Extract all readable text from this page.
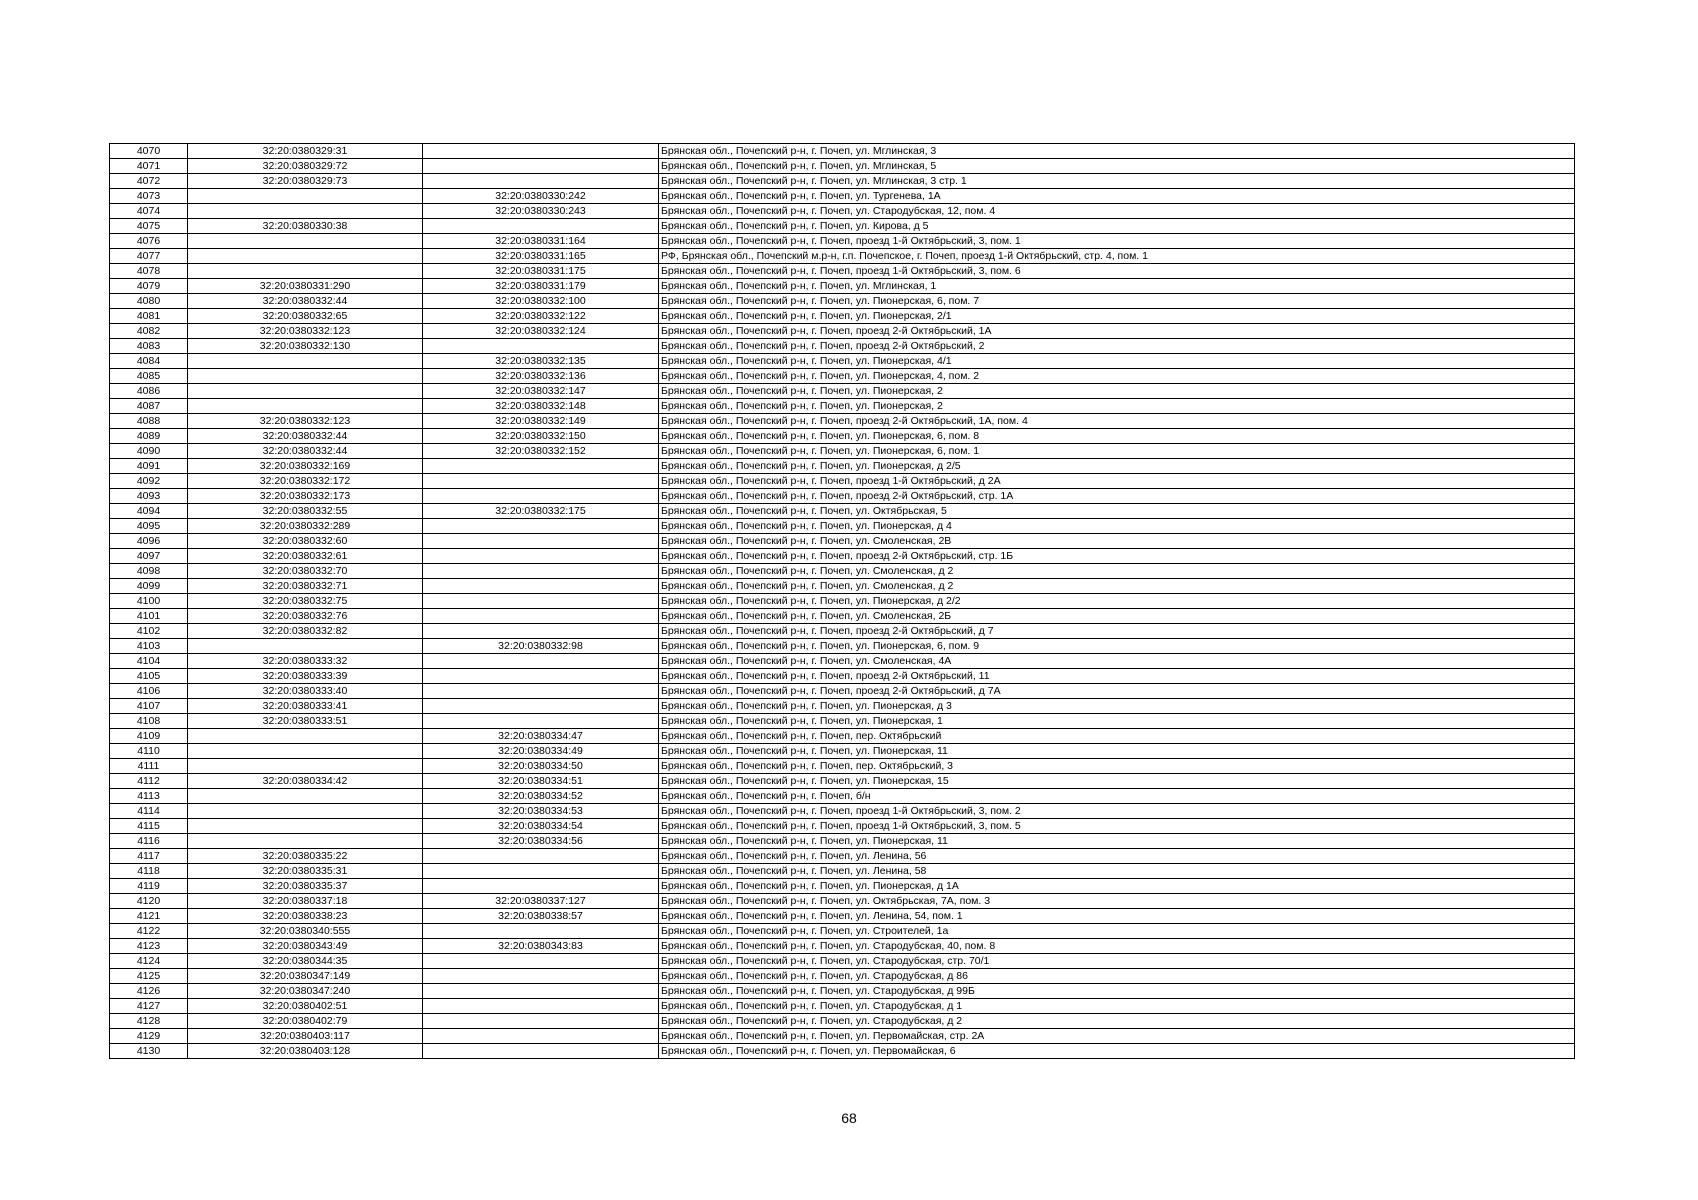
4070	32:20:0380329:31		Брянская обл., Почепский р-н, г. Почеп, ул. Мглинская, 3
4071	32:20:0380329:72		Брянская обл., Почепский р-н, г. Почеп, ул. Мглинская, 5
4072	32:20:0380329:73		Брянская обл., Почепский р-н, г. Почеп, ул. Мглинская, 3 стр. 1
4073		32:20:0380330:242	Брянская обл., Почепский р-н, г. Почеп, ул. Тургенева, 1А
4074		32:20:0380330:243	Брянская обл., Почепский р-н, г. Почеп, ул. Стародубская, 12, пом. 4
4075	32:20:0380330:38		Брянская обл., Почепский р-н, г. Почеп, ул. Кирова, д 5
4076		32:20:0380331:164	Брянская обл., Почепский р-н, г. Почеп, проезд 1-й Октябрьский, 3, пом. 1
4077		32:20:0380331:165	РФ, Брянская обл., Почепский м.р-н, г.п. Почепское, г. Почеп, проезд 1-й Октябрьский, стр. 4, пом. 1
4078		32:20:0380331:175	Брянская обл., Почепский р-н, г. Почеп, проезд 1-й Октябрьский, 3, пом. 6
4079	32:20:0380331:290	32:20:0380331:179	Брянская обл., Почепский р-н, г. Почеп, ул. Мглинская, 1
4080	32:20:0380332:44	32:20:0380332:100	Брянская обл., Почепский р-н, г. Почеп, ул. Пионерская, 6, пом. 7
4081	32:20:0380332:65	32:20:0380332:122	Брянская обл., Почепский р-н, г. Почеп, ул. Пионерская, 2/1
4082	32:20:0380332:123	32:20:0380332:124	Брянская обл., Почепский р-н, г. Почеп, проезд 2-й Октябрьский, 1А
4083	32:20:0380332:130		Брянская обл., Почепский р-н, г. Почеп, проезд 2-й Октябрьский, 2
4084		32:20:0380332:135	Брянская обл., Почепский р-н, г. Почеп, ул. Пионерская, 4/1
4085		32:20:0380332:136	Брянская обл., Почепский р-н, г. Почеп, ул. Пионерская, 4, пом. 2
4086		32:20:0380332:147	Брянская обл., Почепский р-н, г. Почеп, ул. Пионерская, 2
4087		32:20:0380332:148	Брянская обл., Почепский р-н, г. Почеп, ул. Пионерская, 2
4088	32:20:0380332:123	32:20:0380332:149	Брянская обл., Почепский р-н, г. Почеп, проезд 2-й Октябрьский, 1А, пом. 4
4089	32:20:0380332:44	32:20:0380332:150	Брянская обл., Почепский р-н, г. Почеп, ул. Пионерская, 6, пом. 8
4090	32:20:0380332:44	32:20:0380332:152	Брянская обл., Почепский р-н, г. Почеп, ул. Пионерская, 6, пом. 1
4091	32:20:0380332:169		Брянская обл., Почепский р-н, г. Почеп, ул. Пионерская, д 2/5
4092	32:20:0380332:172		Брянская обл., Почепский р-н, г. Почеп, проезд 1-й Октябрьский, д 2А
4093	32:20:0380332:173		Брянская обл., Почепский р-н, г. Почеп, проезд 2-й Октябрьский, стр. 1А
4094	32:20:0380332:55	32:20:0380332:175	Брянская обл., Почепский р-н, г. Почеп, ул. Октябрьская, 5
4095	32:20:0380332:289		Брянская обл., Почепский р-н, г. Почеп, ул. Пионерская, д 4
4096	32:20:0380332:60		Брянская обл., Почепский р-н, г. Почеп, ул. Смоленская, 2В
4097	32:20:0380332:61		Брянская обл., Почепский р-н, г. Почеп, проезд 2-й Октябрьский, стр. 1Б
4098	32:20:0380332:70		Брянская обл., Почепский р-н, г. Почеп, ул. Смоленская, д 2
4099	32:20:0380332:71		Брянская обл., Почепский р-н, г. Почеп, ул. Смоленская, д 2
4100	32:20:0380332:75		Брянская обл., Почепский р-н, г. Почеп, ул. Пионерская, д 2/2
4101	32:20:0380332:76		Брянская обл., Почепский р-н, г. Почеп, ул. Смоленская, 2Б
4102	32:20:0380332:82		Брянская обл., Почепский р-н, г. Почеп, проезд 2-й Октябрьский, д 7
4103		32:20:0380332:98	Брянская обл., Почепский р-н, г. Почеп, ул. Пионерская, 6, пом. 9
4104	32:20:0380333:32		Брянская обл., Почепский р-н, г. Почеп, ул. Смоленская, 4А
4105	32:20:0380333:39		Брянская обл., Почепский р-н, г. Почеп, проезд 2-й Октябрьский, 11
4106	32:20:0380333:40		Брянская обл., Почепский р-н, г. Почеп, проезд 2-й Октябрьский, д 7А
4107	32:20:0380333:41		Брянская обл., Почепский р-н, г. Почеп, ул. Пионерская, д 3
4108	32:20:0380333:51		Брянская обл., Почепский р-н, г. Почеп, ул. Пионерская, 1
4109		32:20:0380334:47	Брянская обл., Почепский р-н, г. Почеп, пер. Октябрьский
4110		32:20:0380334:49	Брянская обл., Почепский р-н, г. Почеп, ул. Пионерская, 11
4111		32:20:0380334:50	Брянская обл., Почепский р-н, г. Почеп, пер. Октябрьский, 3
4112	32:20:0380334:42	32:20:0380334:51	Брянская обл., Почепский р-н, г. Почеп, ул. Пионерская, 15
4113		32:20:0380334:52	Брянская обл., Почепский р-н, г. Почеп, б/н
4114		32:20:0380334:53	Брянская обл., Почепский р-н, г. Почеп, проезд 1-й Октябрьский, 3, пом. 2
4115		32:20:0380334:54	Брянская обл., Почепский р-н, г. Почеп, проезд 1-й Октябрьский, 3, пом. 5
4116		32:20:0380334:56	Брянская обл., Почепский р-н, г. Почеп, ул. Пионерская, 11
4117	32:20:0380335:22		Брянская обл., Почепский р-н, г. Почеп, ул. Ленина, 56
4118	32:20:0380335:31		Брянская обл., Почепский р-н, г. Почеп, ул. Ленина, 58
4119	32:20:0380335:37		Брянская обл., Почепский р-н, г. Почеп, ул. Пионерская, д 1А
4120	32:20:0380337:18	32:20:0380337:127	Брянская обл., Почепский р-н, г. Почеп, ул. Октябрьская, 7А, пом. 3
4121	32:20:0380338:23	32:20:0380338:57	Брянская обл., Почепский р-н, г. Почеп, ул. Ленина, 54, пом. 1
4122	32:20:0380340:555		Брянская обл., Почепский р-н, г. Почеп, ул. Строителей, 1а
4123	32:20:0380343:49	32:20:0380343:83	Брянская обл., Почепский р-н, г. Почеп, ул. Стародубская, 40, пом. 8
4124	32:20:0380344:35		Брянская обл., Почепский р-н, г. Почеп, ул. Стародубская, стр. 70/1
4125	32:20:0380347:149		Брянская обл., Почепский р-н, г. Почеп, ул. Стародубская, д 86
4126	32:20:0380347:240		Брянская обл., Почепский р-н, г. Почеп, ул. Стародубская, д 99Б
4127	32:20:0380402:51		Брянская обл., Почепский р-н, г. Почеп, ул. Стародубская, д 1
4128	32:20:0380402:79		Брянская обл., Почепский р-н, г. Почеп, ул. Стародубская, д 2
4129	32:20:0380403:117		Брянская обл., Почепский р-н, г. Почеп, ул. Первомайская, стр. 2А
4130	32:20:0380403:128		Брянская обл., Почепский р-н, г. Почеп, ул. Первомайская, 6
68
